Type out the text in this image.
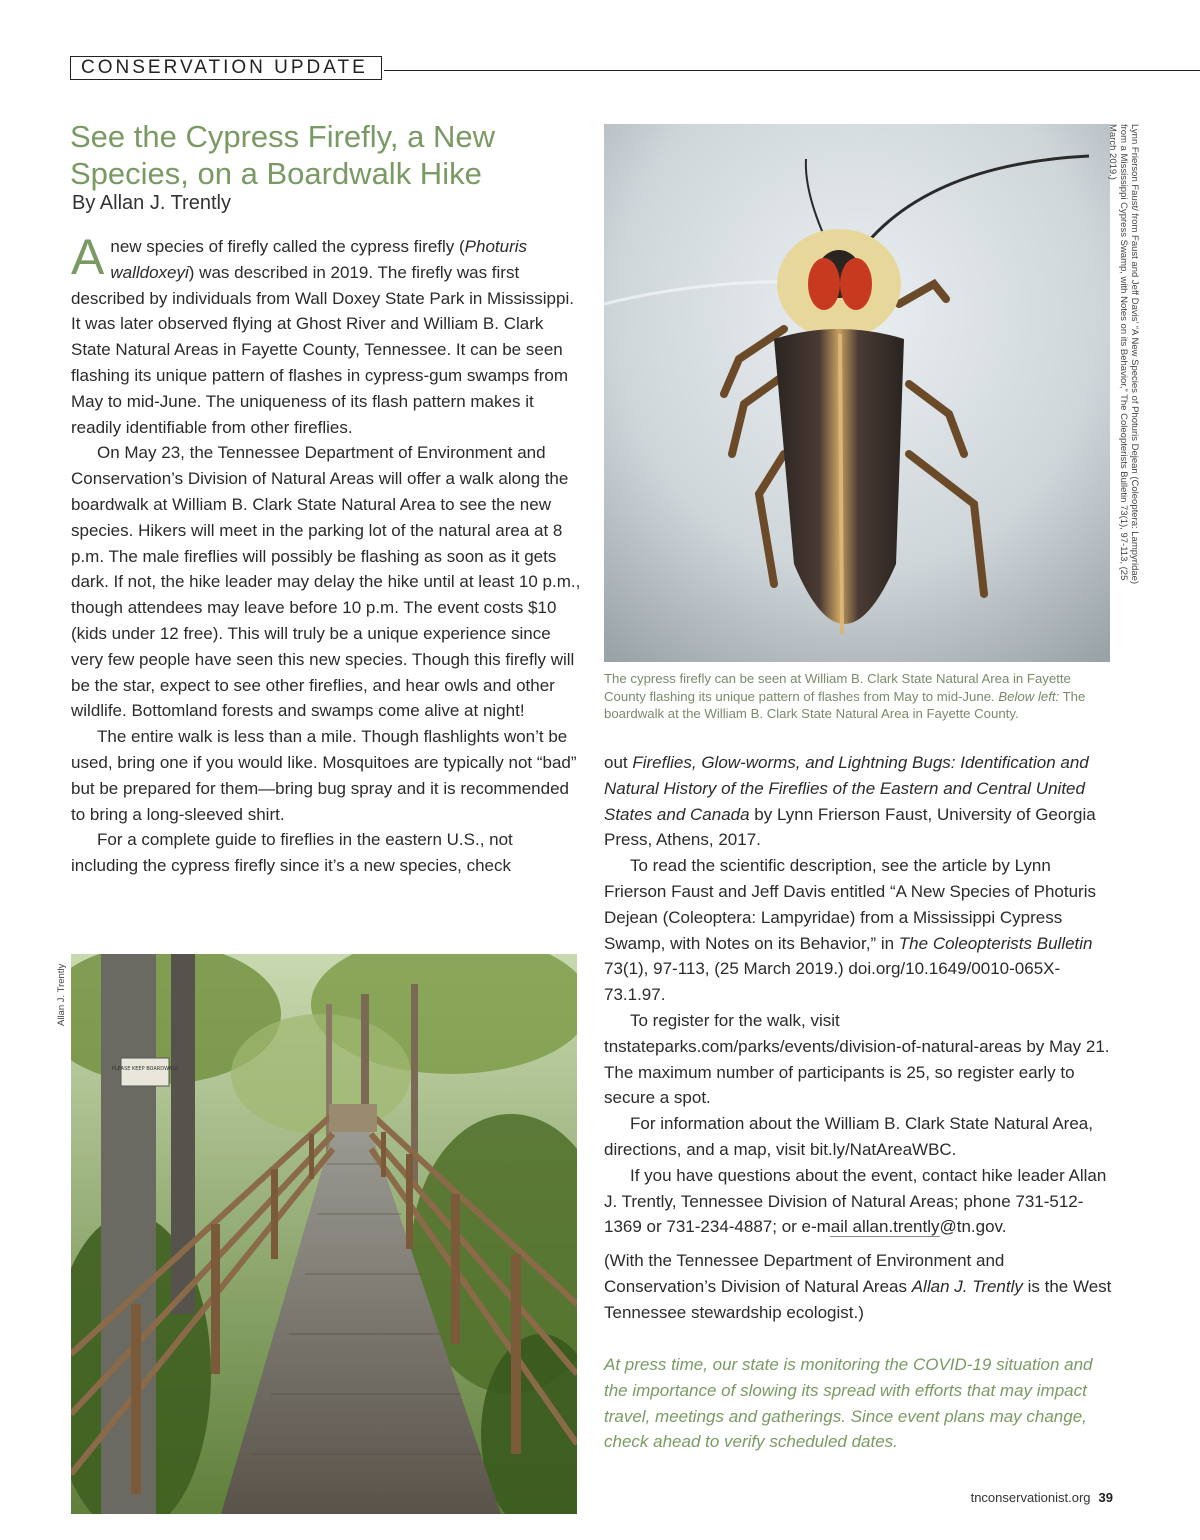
CONSERVATION UPDATE
See the Cypress Firefly, a New Species, on a Boardwalk Hike
By Allan J. Trently

A new species of firefly called the cypress firefly (Photuris walldoxeyi) was described in 2019. The firefly was first described by individuals from Wall Doxey State Park in Mississippi. It was later observed flying at Ghost River and William B. Clark State Natural Areas in Fayette County, Tennessee. It can be seen flashing its unique pattern of flashes in cypress-gum swamps from May to mid-June. The uniqueness of its flash pattern makes it readily identifiable from other fireflies.

On May 23, the Tennessee Department of Environment and Conservation’s Division of Natural Areas will offer a walk along the boardwalk at William B. Clark State Natural Area to see the new species. Hikers will meet in the parking lot of the natural area at 8 p.m. The male fireflies will possibly be flashing as soon as it gets dark. If not, the hike leader may delay the hike until at least 10 p.m., though attendees may leave before 10 p.m. The event costs $10 (kids under 12 free). This will truly be a unique experience since very few people have seen this new species. Though this firefly will be the star, expect to see other fireflies, and hear owls and other wildlife. Bottomland forests and swamps come alive at night!

The entire walk is less than a mile. Though flashlights won’t be used, bring one if you would like. Mosquitoes are typically not “bad” but be prepared for them—bring bug spray and it is recommended to bring a long-sleeved shirt.

For a complete guide to fireflies in the eastern U.S., not including the cypress firefly since it’s a new species, check

Lynn Frierson Faust/ from Faust and Jeff Davis’ “A New Species of Photuris Dejean (Coleoptera: Lampyridae) from a Mississippi Cypress Swamp, with Notes on its Behavior,” The Coleopterists Bulletin 73(1), 97-113, (25 March 2019.)
The cypress firefly can be seen at William B. Clark State Natural Area in Fayette County flashing its unique pattern of flashes from May to mid-June. Below left: The boardwalk at the William B. Clark State Natural Area in Fayette County.

out Fireflies, Glow-worms, and Lightning Bugs: Identification and Natural History of the Fireflies of the Eastern and Central United States and Canada by Lynn Frierson Faust, University of Georgia Press, Athens, 2017.

To read the scientific description, see the article by Lynn Frierson Faust and Jeff Davis entitled “A New Species of Photuris Dejean (Coleoptera: Lampyridae) from a Mississippi Cypress Swamp, with Notes on its Behavior,” in The Coleopterists Bulletin 73(1), 97-113, (25 March 2019.) doi.org/10.1649/0010-065X-73.1.97.

To register for the walk, visit tnstateparks.com/parks/events/division-of-natural-areas by May 21. The maximum number of participants is 25, so register early to secure a spot.

For information about the William B. Clark State Natural Area, directions, and a map, visit bit.ly/NatAreaWBC.

If you have questions about the event, contact hike leader Allan J. Trently, Tennessee Division of Natural Areas; phone 731-512-1369 or 731-234-4887; or e-mail allan.trently@tn.gov.

(With the Tennessee Department of Environment and Conservation’s Division of Natural Areas Allan J. Trently is the West Tennessee stewardship ecologist.)

At press time, our state is monitoring the COVID-19 situation and the importance of slowing its spread with efforts that may impact travel, meetings and gatherings. Since event plans may change, check ahead to verify scheduled dates.

Allan J. Trently
PLEASE KEEP BOARDWALK
tnconservationist.org 39
